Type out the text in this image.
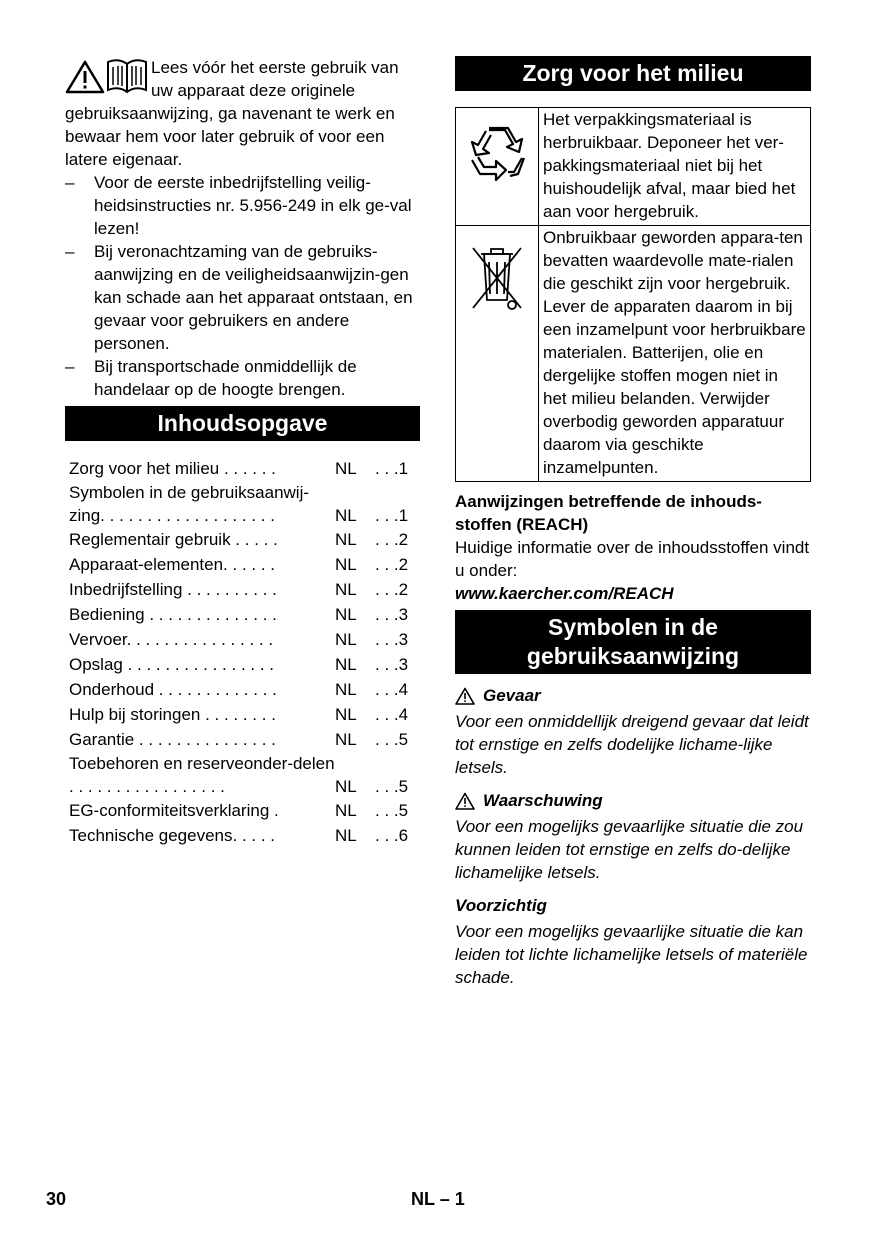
Lees vóór het eerste gebruik van uw apparaat deze originele gebruiksaanwijzing, ga navenant te werk en bewaar hem voor later gebruik of voor een latere eigenaar.

– Voor de eerste inbedrijfstelling veilig-heidsinstructies nr. 5.956-249 in elk ge-val lezen!
– Bij veronachtzaming van de gebruiks-aanwijzing en de veiligheidsaanwijzin-gen kan schade aan het apparaat ontstaan, en gevaar voor gebruikers en andere personen.
– Bij transportschade onmiddellijk de handelaar op de hoogte brengen.
Inhoudsopgave
Zorg voor het milieu . . . . . .	NL . . .1
Symbolen in de gebruiksaanwij-zing. . . . . . . . . . . . . . . . . . .	NL . . .1
Reglementair gebruik . . . . .	NL . . .2
Apparaat-elementen. . . . . .	NL . . .2
Inbedrijfstelling . . . . . . . . . .	NL . . .2
Bediening . . . . . . . . . . . . . .	NL . . .3
Vervoer. . . . . . . . . . . . . . . .	NL . . .3
Opslag . . . . . . . . . . . . . . . .	NL . . .3
Onderhoud . . . . . . . . . . . . .	NL . . .4
Hulp bij storingen . . . . . . . .	NL . . .4
Garantie . . . . . . . . . . . . . . .	NL . . .5
Toebehoren en reserveonder-delen . . . . . . . . . . . . . . . . .	NL . . .5
EG-conformiteitsverklaring .	NL . . .5
Technische gegevens. . . . .	NL . . .6
Zorg voor het milieu
	Het verpakkingsmateriaal is herbruikbaar. Deponeer het ver-pakkingsmateriaal niet bij het huishoudelijk afval, maar bied het aan voor hergebruik.
	Onbruikbaar geworden appara-ten bevatten waardevolle mate-rialen die geschikt zijn voor hergebruik. Lever de apparaten daarom in bij een inzamelpunt voor herbruikbare materialen. Batterijen, olie en dergelijke stoffen mogen niet in het milieu belanden. Verwijder overbodig geworden apparatuur daarom via geschikte inzamelpunten.
Aanwijzingen betreffende de inhouds-stoffen (REACH)
Huidige informatie over de inhoudsstoffen vindt u onder:
www.kaercher.com/REACH
Symbolen in de gebruiksaanwijzing
Gevaar
Voor een onmiddellijk dreigend gevaar dat leidt tot ernstige en zelfs dodelijke lichame-lijke letsels.
Waarschuwing
Voor een mogelijks gevaarlijke situatie die zou kunnen leiden tot ernstige en zelfs do-delijke lichamelijke letsels.
Voorzichtig
Voor een mogelijks gevaarlijke situatie die kan leiden tot lichte lichamelijke letsels of materiële schade.
30	NL – 1
